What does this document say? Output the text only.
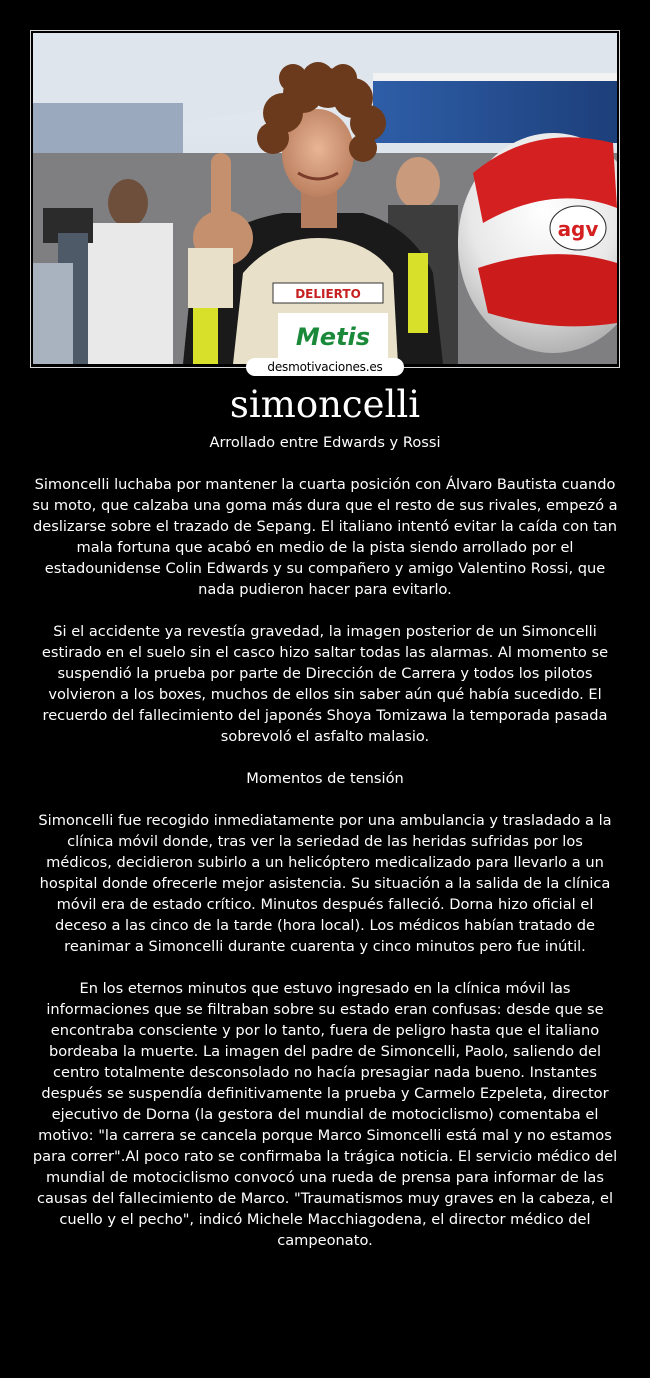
DELIERTO
Metis
agv
desmotivaciones.es
simoncelli

Arrollado entre Edwards y Rossi

Simoncelli luchaba por mantener la cuarta posición con Álvaro Bautista cuando su moto, que calzaba una goma más dura que el resto de sus rivales, empezó a deslizarse sobre el trazado de Sepang. El italiano intentó evitar la caída con tan mala fortuna que acabó en medio de la pista siendo arrollado por el estadounidense Colin Edwards y su compañero y amigo Valentino Rossi, que nada pudieron hacer para evitarlo.

Si el accidente ya revestía gravedad, la imagen posterior de un Simoncelli estirado en el suelo sin el casco hizo saltar todas las alarmas. Al momento se suspendió la prueba por parte de Dirección de Carrera y todos los pilotos volvieron a los boxes, muchos de ellos sin saber aún qué había sucedido. El recuerdo del fallecimiento del japonés Shoya Tomizawa la temporada pasada sobrevoló el asfalto malasio.

Momentos de tensión

Simoncelli fue recogido inmediatamente por una ambulancia y trasladado a la clínica móvil donde, tras ver la seriedad de las heridas sufridas por los médicos, decidieron subirlo a un helicóptero medicalizado para llevarlo a un hospital donde ofrecerle mejor asistencia. Su situación a la salida de la clínica móvil era de estado crítico. Minutos después falleció. Dorna hizo oficial el deceso a las cinco de la tarde (hora local). Los médicos habían tratado de reanimar a Simoncelli durante cuarenta y cinco minutos pero fue inútil.

En los eternos minutos que estuvo ingresado en la clínica móvil las informaciones que se filtraban sobre su estado eran confusas: desde que se encontraba consciente y por lo tanto, fuera de peligro hasta que el italiano bordeaba la muerte. La imagen del padre de Simoncelli, Paolo, saliendo del centro totalmente desconsolado no hacía presagiar nada bueno. Instantes después se suspendía definitivamente la prueba y Carmelo Ezpeleta, director ejecutivo de Dorna (la gestora del mundial de motociclismo) comentaba el motivo: "la carrera se cancela porque Marco Simoncelli está mal y no estamos para correr".Al poco rato se confirmaba la trágica noticia. El servicio médico del mundial de motociclismo convocó una rueda de prensa para informar de las causas del fallecimiento de Marco. "Traumatismos muy graves en la cabeza, el cuello y el pecho", indicó Michele Macchiagodena, el director médico del campeonato.
